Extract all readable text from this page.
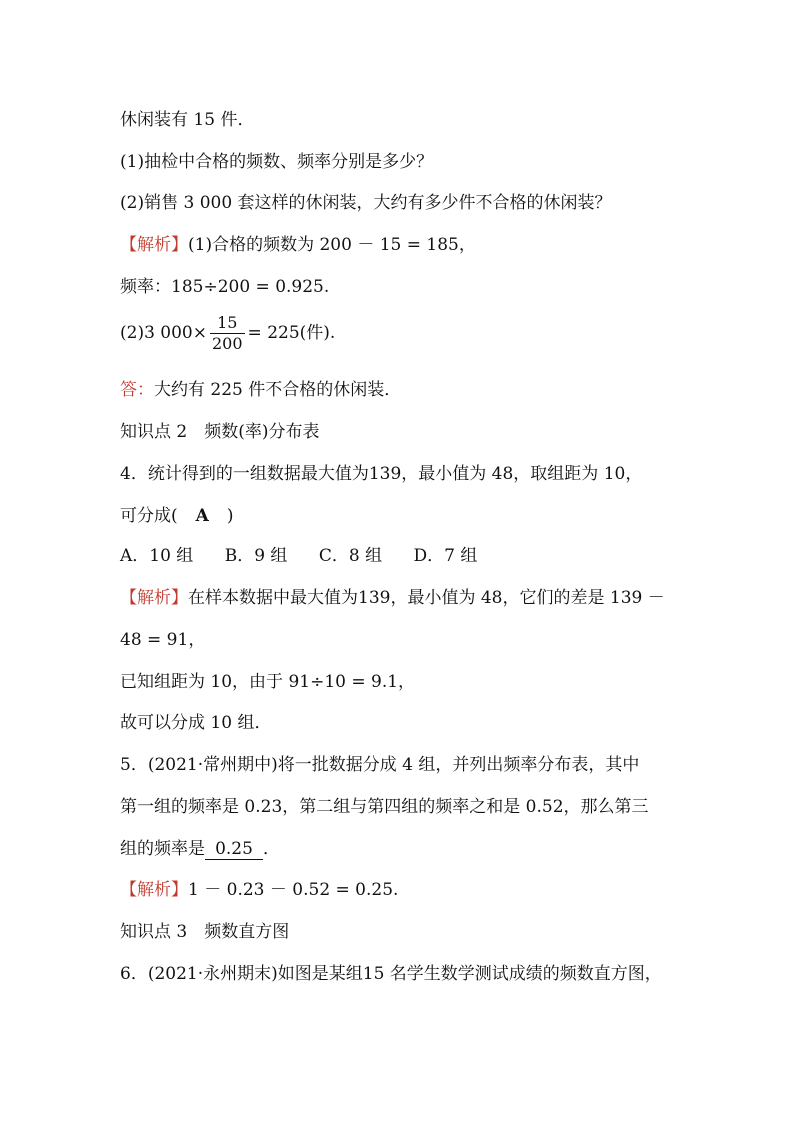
休闲装有 15 件．
(1)抽检中合格的频数、频率分别是多少？
(2)销售 3 000 套这样的休闲装，大约有多少件不合格的休闲装？
【解析】(1)合格的频数为 200 － 15 = 185，
频率：185÷200 = 0.925.
(2)3 $000\times \frac{15}{200} = 225$(件).
答：大约有 225 件不合格的休闲装．
知识点 2　频数(率)分布表
4．统计得到的一组数据最大值为139，最小值为 48，取组距为 10，
可分成( A )
A．10 组 B．9 组 C．8 组 D．7 组
【解析】在样本数据中最大值为139，最小值为 48，它们的差是 139 －
48 = 91，
已知组距为 10，由于 91÷10 = 9.1，
故可以分成 10 组．
5．(2021·常州期中)将一批数据分成 4 组，并列出频率分布表，其中
第一组的频率是 0.23，第二组与第四组的频率之和是 0.52，那么第三
组的频率是 0.25 ．
【解析】1 － 0.23 － 0.52 = 0.25.
知识点 3　频数直方图
6．(2021·永州期末)如图是某组15 名学生数学测试成绩的频数直方图，
